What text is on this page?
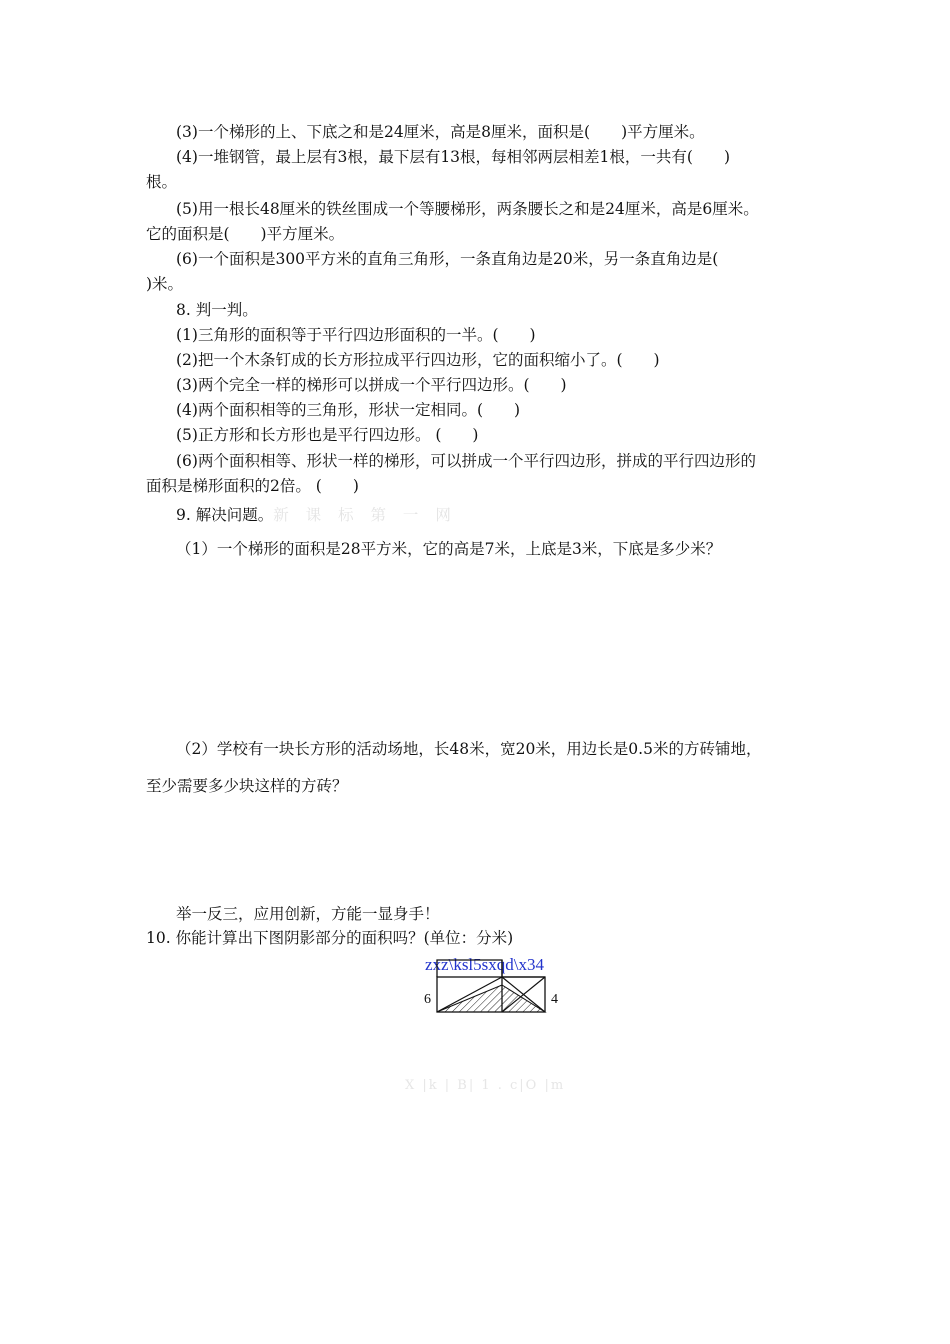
(3)一个梯形的上、下底之和是24厘米，高是8厘米，面积是(　　)平方厘米。
(4)一堆钢管，最上层有3根，最下层有13根，每相邻两层相差1根，一共有(　　)
根。
(5)用一根长48厘米的铁丝围成一个等腰梯形，两条腰长之和是24厘米，高是6厘米。
它的面积是(　　)平方厘米。
(6)一个面积是300平方米的直角三角形，一条直角边是20米，另一条直角边是(
)米。
8. 判一判。
(1)三角形的面积等于平行四边形面积的一半。(　　)
(2)把一个木条钉成的长方形拉成平行四边形，它的面积缩小了。(　　)
(3)两个完全一样的梯形可以拼成一个平行四边形。(　　)
(4)两个面积相等的三角形，形状一定相同。(　　)
(5)正方形和长方形也是平行四边形。 (　　)
(6)两个面积相等、形状一样的梯形，可以拼成一个平行四边形，拼成的平行四边形的
面积是梯形面积的2倍。 (　　)
9. 解决问题。新 课 标 第 一 网
（1）一个梯形的面积是28平方米，它的高是7米，上底是3米，下底是多少米？
（2）学校有一块长方形的活动场地，长48米，宽20米，用边长是0.5米的方砖铺地，
至少需要多少块这样的方砖？
举一反三，应用创新，方能一显身手！
10. 你能计算出下图阴影部分的面积吗？(单位：分米)
zxz\ksl5sxqd\x34
6	4
X |k | B| 1 . c|O |m
